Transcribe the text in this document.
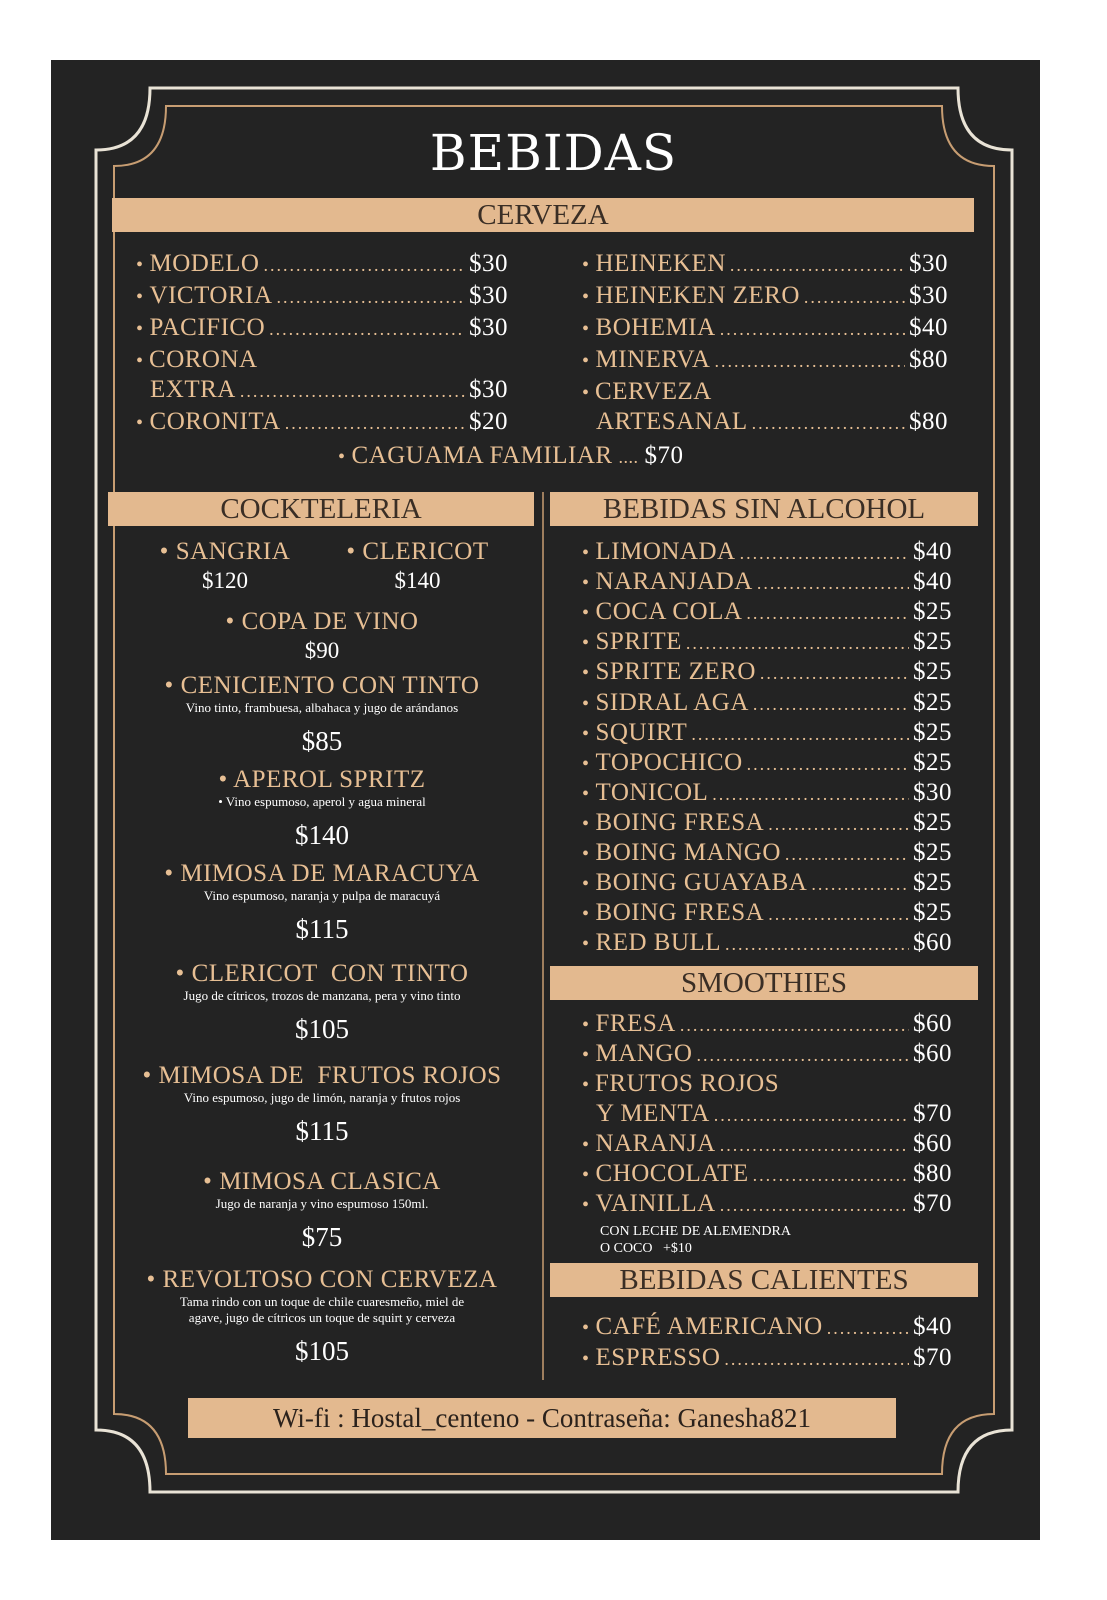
BEBIDAS
CERVEZA
• MODELO .....	$30
• VICTORIA .....	$30
• PACIFICO .....	$30
• CORONA
EXTRA .....	$30
• CORONITA .....	$20
• HEINEKEN .....	$30
• HEINEKEN ZERO .....	$30
• BOHEMIA .....	$40
• MINERVA .....	$80
• CERVEZA
ARTESANAL .....	$80
• CAGUAMA FAMILIAR .... $70
COCKTELERIA
• SANGRIA
$120
• CLERICOT
$140
• COPA DE VINO
$90
• CENICIENTO CON TINTO
Vino tinto, frambuesa, albahaca y jugo de arándanos
$85
• APEROL SPRITZ
• Vino espumoso, aperol y agua mineral
$140
• MIMOSA DE MARACUYA
Vino espumoso, naranja y pulpa de maracuyá
$115
• CLERICOT  CON TINTO
Jugo de cítricos, trozos de manzana, pera y vino tinto
$105
• MIMOSA DE  FRUTOS ROJOS
Vino espumoso, jugo de limón, naranja y frutos rojos
$115
• MIMOSA CLASICA
Jugo de naranja y vino espumoso 150ml.
$75
• REVOLTOSO CON CERVEZA
Tama rindo con un toque de chile cuaresmeño, miel de
agave, jugo de cítricos un toque de squirt y cerveza
$105
BEBIDAS SIN ALCOHOL
• LIMONADA .....	$40
• NARANJADA .....	$40
• COCA COLA .....	$25
• SPRITE .....	$25
• SPRITE ZERO .....	$25
• SIDRAL AGA .....	$25
• SQUIRT .....	$25
• TOPOCHICO .....	$25
• TONICOL .....	$30
• BOING FRESA .....	$25
• BOING MANGO .....	$25
• BOING GUAYABA .....	$25
• BOING FRESA .....	$25
• RED BULL .....	$60
SMOOTHIES
• FRESA .....	$60
• MANGO .....	$60
• FRUTOS ROJOS
Y MENTA .....	$70
• NARANJA .....	$60
• CHOCOLATE .....	$80
• VAINILLA .....	$70
CON LECHE DE ALEMENDRA
O COCO   +$10
BEBIDAS CALIENTES
• CAFÉ AMERICANO .....	$40
• ESPRESSO .....	$70
Wi-fi : Hostal_centeno - Contraseña: Ganesha821
